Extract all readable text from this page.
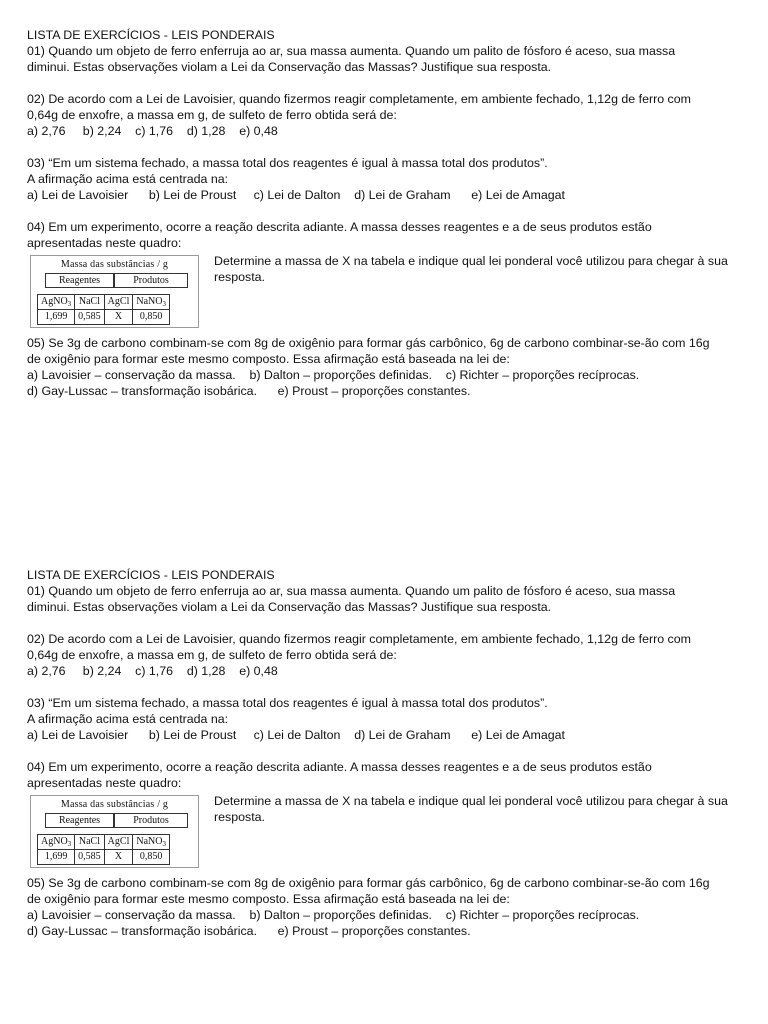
LISTA DE EXERCÍCIOS - LEIS PONDERAIS

01) Quando um objeto de ferro enferruja ao ar, sua massa aumenta. Quando um palito de fósforo é aceso, sua massa

diminui. Estas observações violam a Lei da Conservação das Massas? Justifique sua resposta.

02) De acordo com a Lei de Lavoisier, quando fizermos reagir completamente, em ambiente fechado, 1,12g de ferro com

0,64g de enxofre, a massa em g, de sulfeto de ferro obtida será de:

a) 2,76 b) 2,24 c) 1,76 d) 1,28 e) 0,48

03) “Em um sistema fechado, a massa total dos reagentes é igual à massa total dos produtos”.

A afirmação acima está centrada na:

a) Lei de Lavoisier b) Lei de Proust c) Lei de Dalton d) Lei de Graham e) Lei de Amagat

04) Em um experimento, ocorre a reação descrita adiante. A massa desses reagentes e a de seus produtos estão

apresentadas neste quadro:

Massa das substâncias / g
Reagentes	Produtos
AgNO$_3$	NaCl	AgCl	NaNO$_3$
1,699	0,585	X	0,850

Determine a massa de X na tabela e indique qual lei ponderal você utilizou para chegar à sua resposta.

05) Se 3g de carbono combinam-se com 8g de oxigênio para formar gás carbônico, 6g de carbono combinar-se-ão com 16g

de oxigênio para formar este mesmo composto. Essa afirmação está baseada na lei de:

a) Lavoisier – conservação da massa.    b) Dalton – proporções definidas.    c) Richter – proporções recíprocas.

d) Gay-Lussac – transformação isobárica.      e) Proust – proporções constantes.

LISTA DE EXERCÍCIOS - LEIS PONDERAIS

01) Quando um objeto de ferro enferruja ao ar, sua massa aumenta. Quando um palito de fósforo é aceso, sua massa

diminui. Estas observações violam a Lei da Conservação das Massas? Justifique sua resposta.

02) De acordo com a Lei de Lavoisier, quando fizermos reagir completamente, em ambiente fechado, 1,12g de ferro com

0,64g de enxofre, a massa em g, de sulfeto de ferro obtida será de:

a) 2,76 b) 2,24 c) 1,76 d) 1,28 e) 0,48

03) “Em um sistema fechado, a massa total dos reagentes é igual à massa total dos produtos”.

A afirmação acima está centrada na:

a) Lei de Lavoisier b) Lei de Proust c) Lei de Dalton d) Lei de Graham e) Lei de Amagat

04) Em um experimento, ocorre a reação descrita adiante. A massa desses reagentes e a de seus produtos estão

apresentadas neste quadro:

Massa das substâncias / g
Reagentes	Produtos
AgNO$_3$	NaCl	AgCl	NaNO$_3$
1,699	0,585	X	0,850

Determine a massa de X na tabela e indique qual lei ponderal você utilizou para chegar à sua resposta.

05) Se 3g de carbono combinam-se com 8g de oxigênio para formar gás carbônico, 6g de carbono combinar-se-ão com 16g

de oxigênio para formar este mesmo composto. Essa afirmação está baseada na lei de:

a) Lavoisier – conservação da massa.    b) Dalton – proporções definidas.    c) Richter – proporções recíprocas.

d) Gay-Lussac – transformação isobárica.      e) Proust – proporções constantes.
